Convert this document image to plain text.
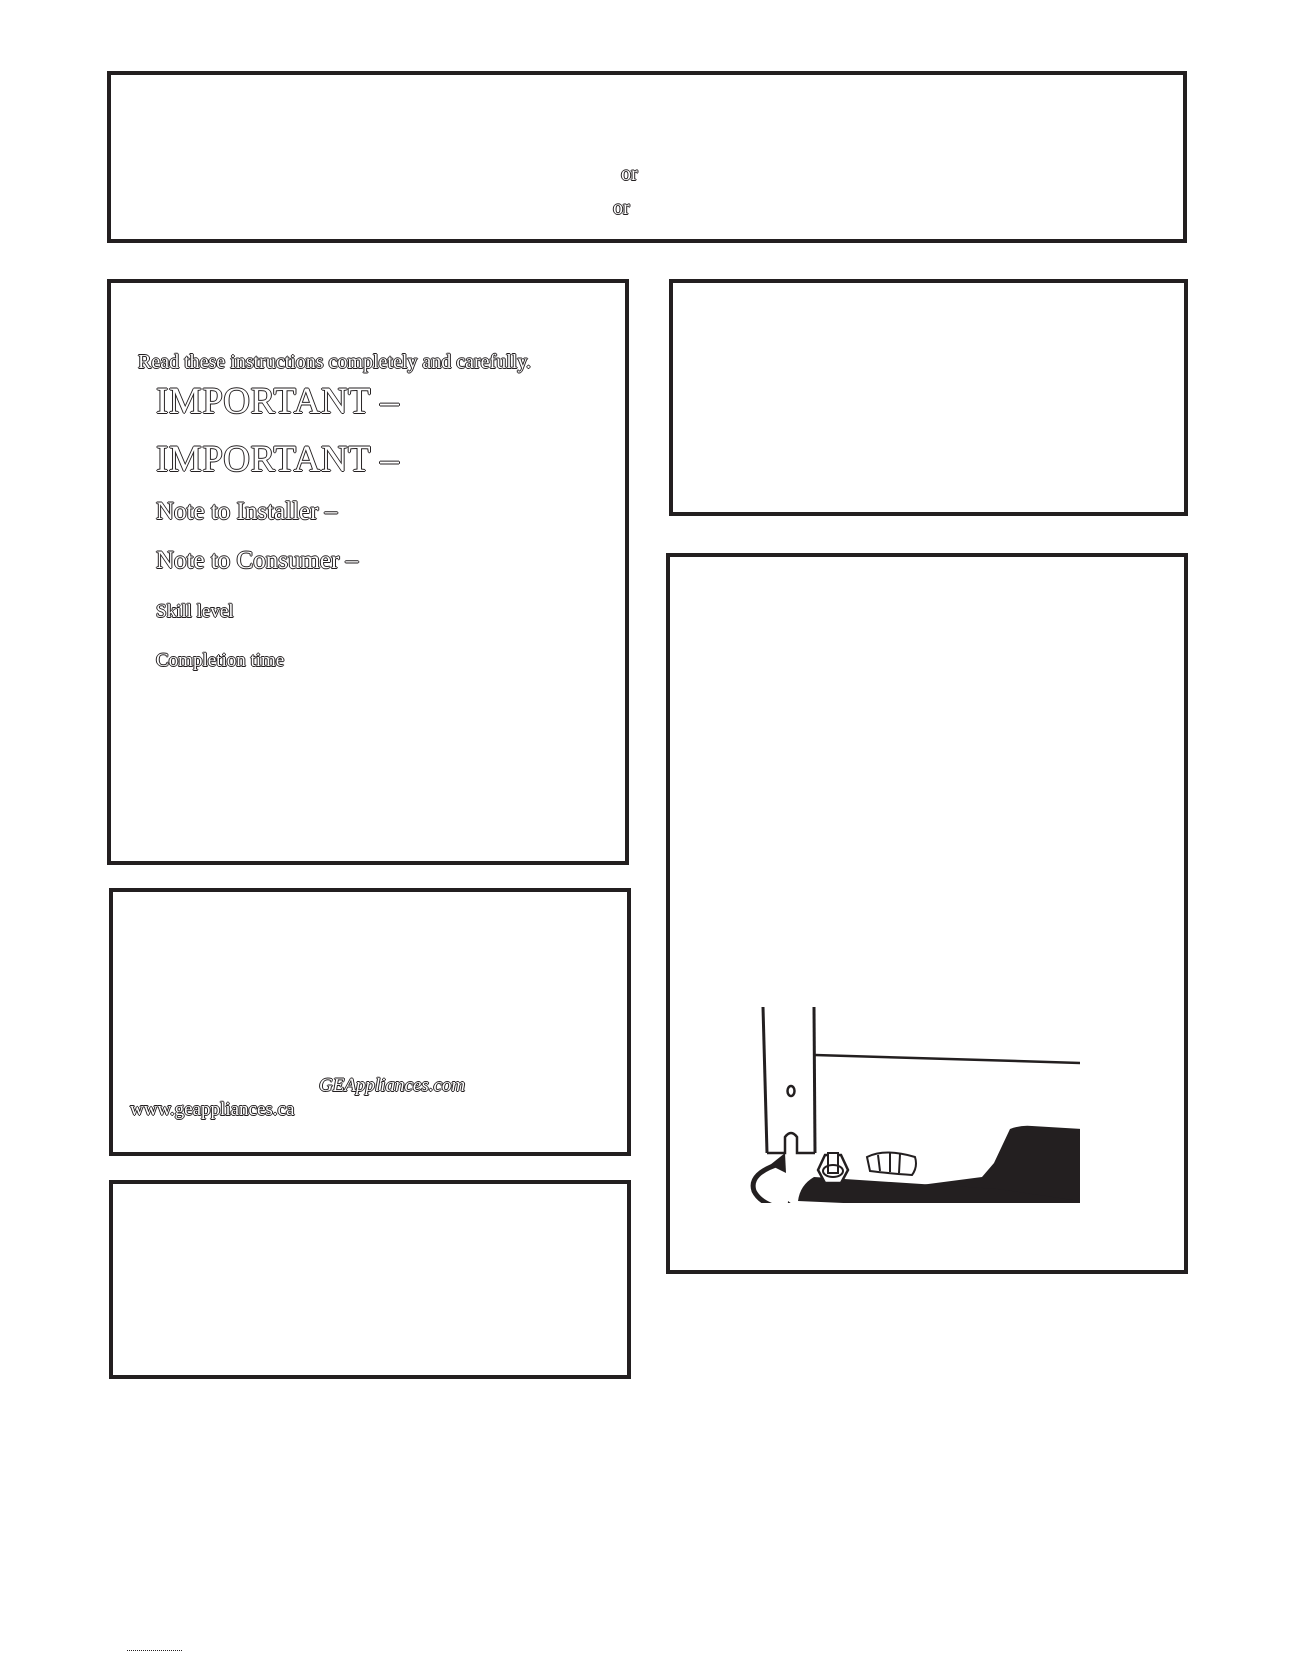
or
or
Read these instructions completely and carefully.
IMPORTANT –
IMPORTANT –
Note to Installer –
Note to Consumer –
Skill level
Completion time
GEAppliances.com
www.geappliances.ca
